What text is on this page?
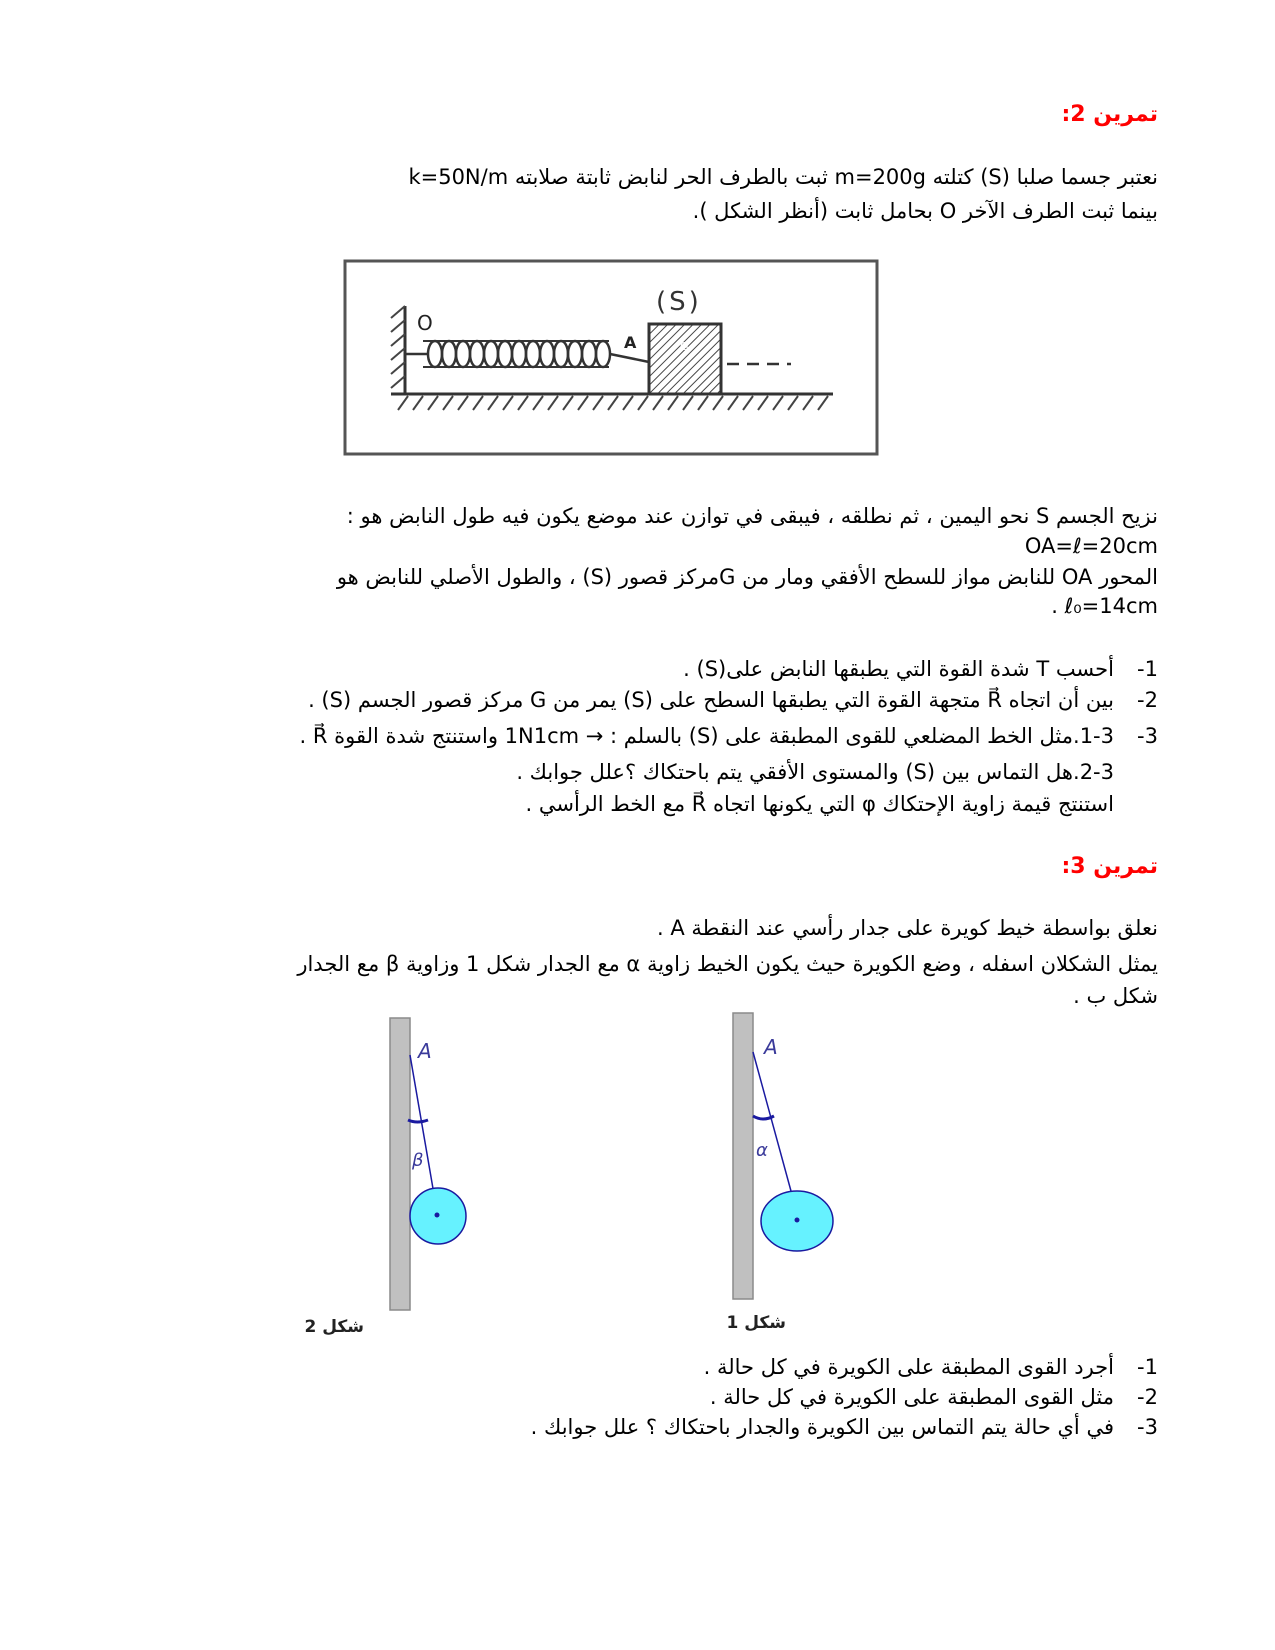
تمرين 2:
نعتبر جسما صلبا (S) كتلته m=200g ثبت بالطرف الحر لنابض ثابتة صلابته k=50N/m
بينما ثبت الطرف الآخر O بحامل ثابت (أنظر الشكل ).
O
A	G
(S)
نزيح الجسم S نحو اليمين ، ثم نطلقه ، فيبقى في توازن عند موضع يكون فيه طول النابض هو :
OA=ℓ=20cm
المحور OA للنابض مواز للسطح الأفقي ومار من Gمركز قصور (S) ، والطول الأصلي للنابض هو
. ℓ₀=14cm
-1
أحسب T شدة القوة التي يطبقها النابض على(S) .
-2
بين أن اتجاه R⃗ متجهة القوة التي يطبقها السطح على (S) يمر من G مركز قصور الجسم (S) .
-3
1-3.مثل الخط المضلعي للقوى المطبقة على (S) بالسلم : → 1N1cm واستنتج شدة القوة R⃗ .
2-3.هل التماس بين (S) والمستوى الأفقي يتم باحتكاك ؟علل جوابك .
استنتج قيمة زاوية الإحتكاك φ التي يكونها اتجاه R⃗ مع الخط الرأسي .
تمرين 3:
نعلق بواسطة خيط كويرة على جدار رأسي عند النقطة A .
يمثل الشكلان اسفله ، وضع الكويرة حيث يكون الخيط زاوية α مع الجدار شكل 1 وزاوية β مع الجدار
شكل ب .
A
β
شكل 2
A
α
شكل 1
-1
أجرد القوى المطبقة على الكويرة في كل حالة .
-2
مثل القوى المطبقة على الكويرة في كل حالة .
-3
في أي حالة يتم التماس بين الكويرة والجدار باحتكاك ؟ علل جوابك .
